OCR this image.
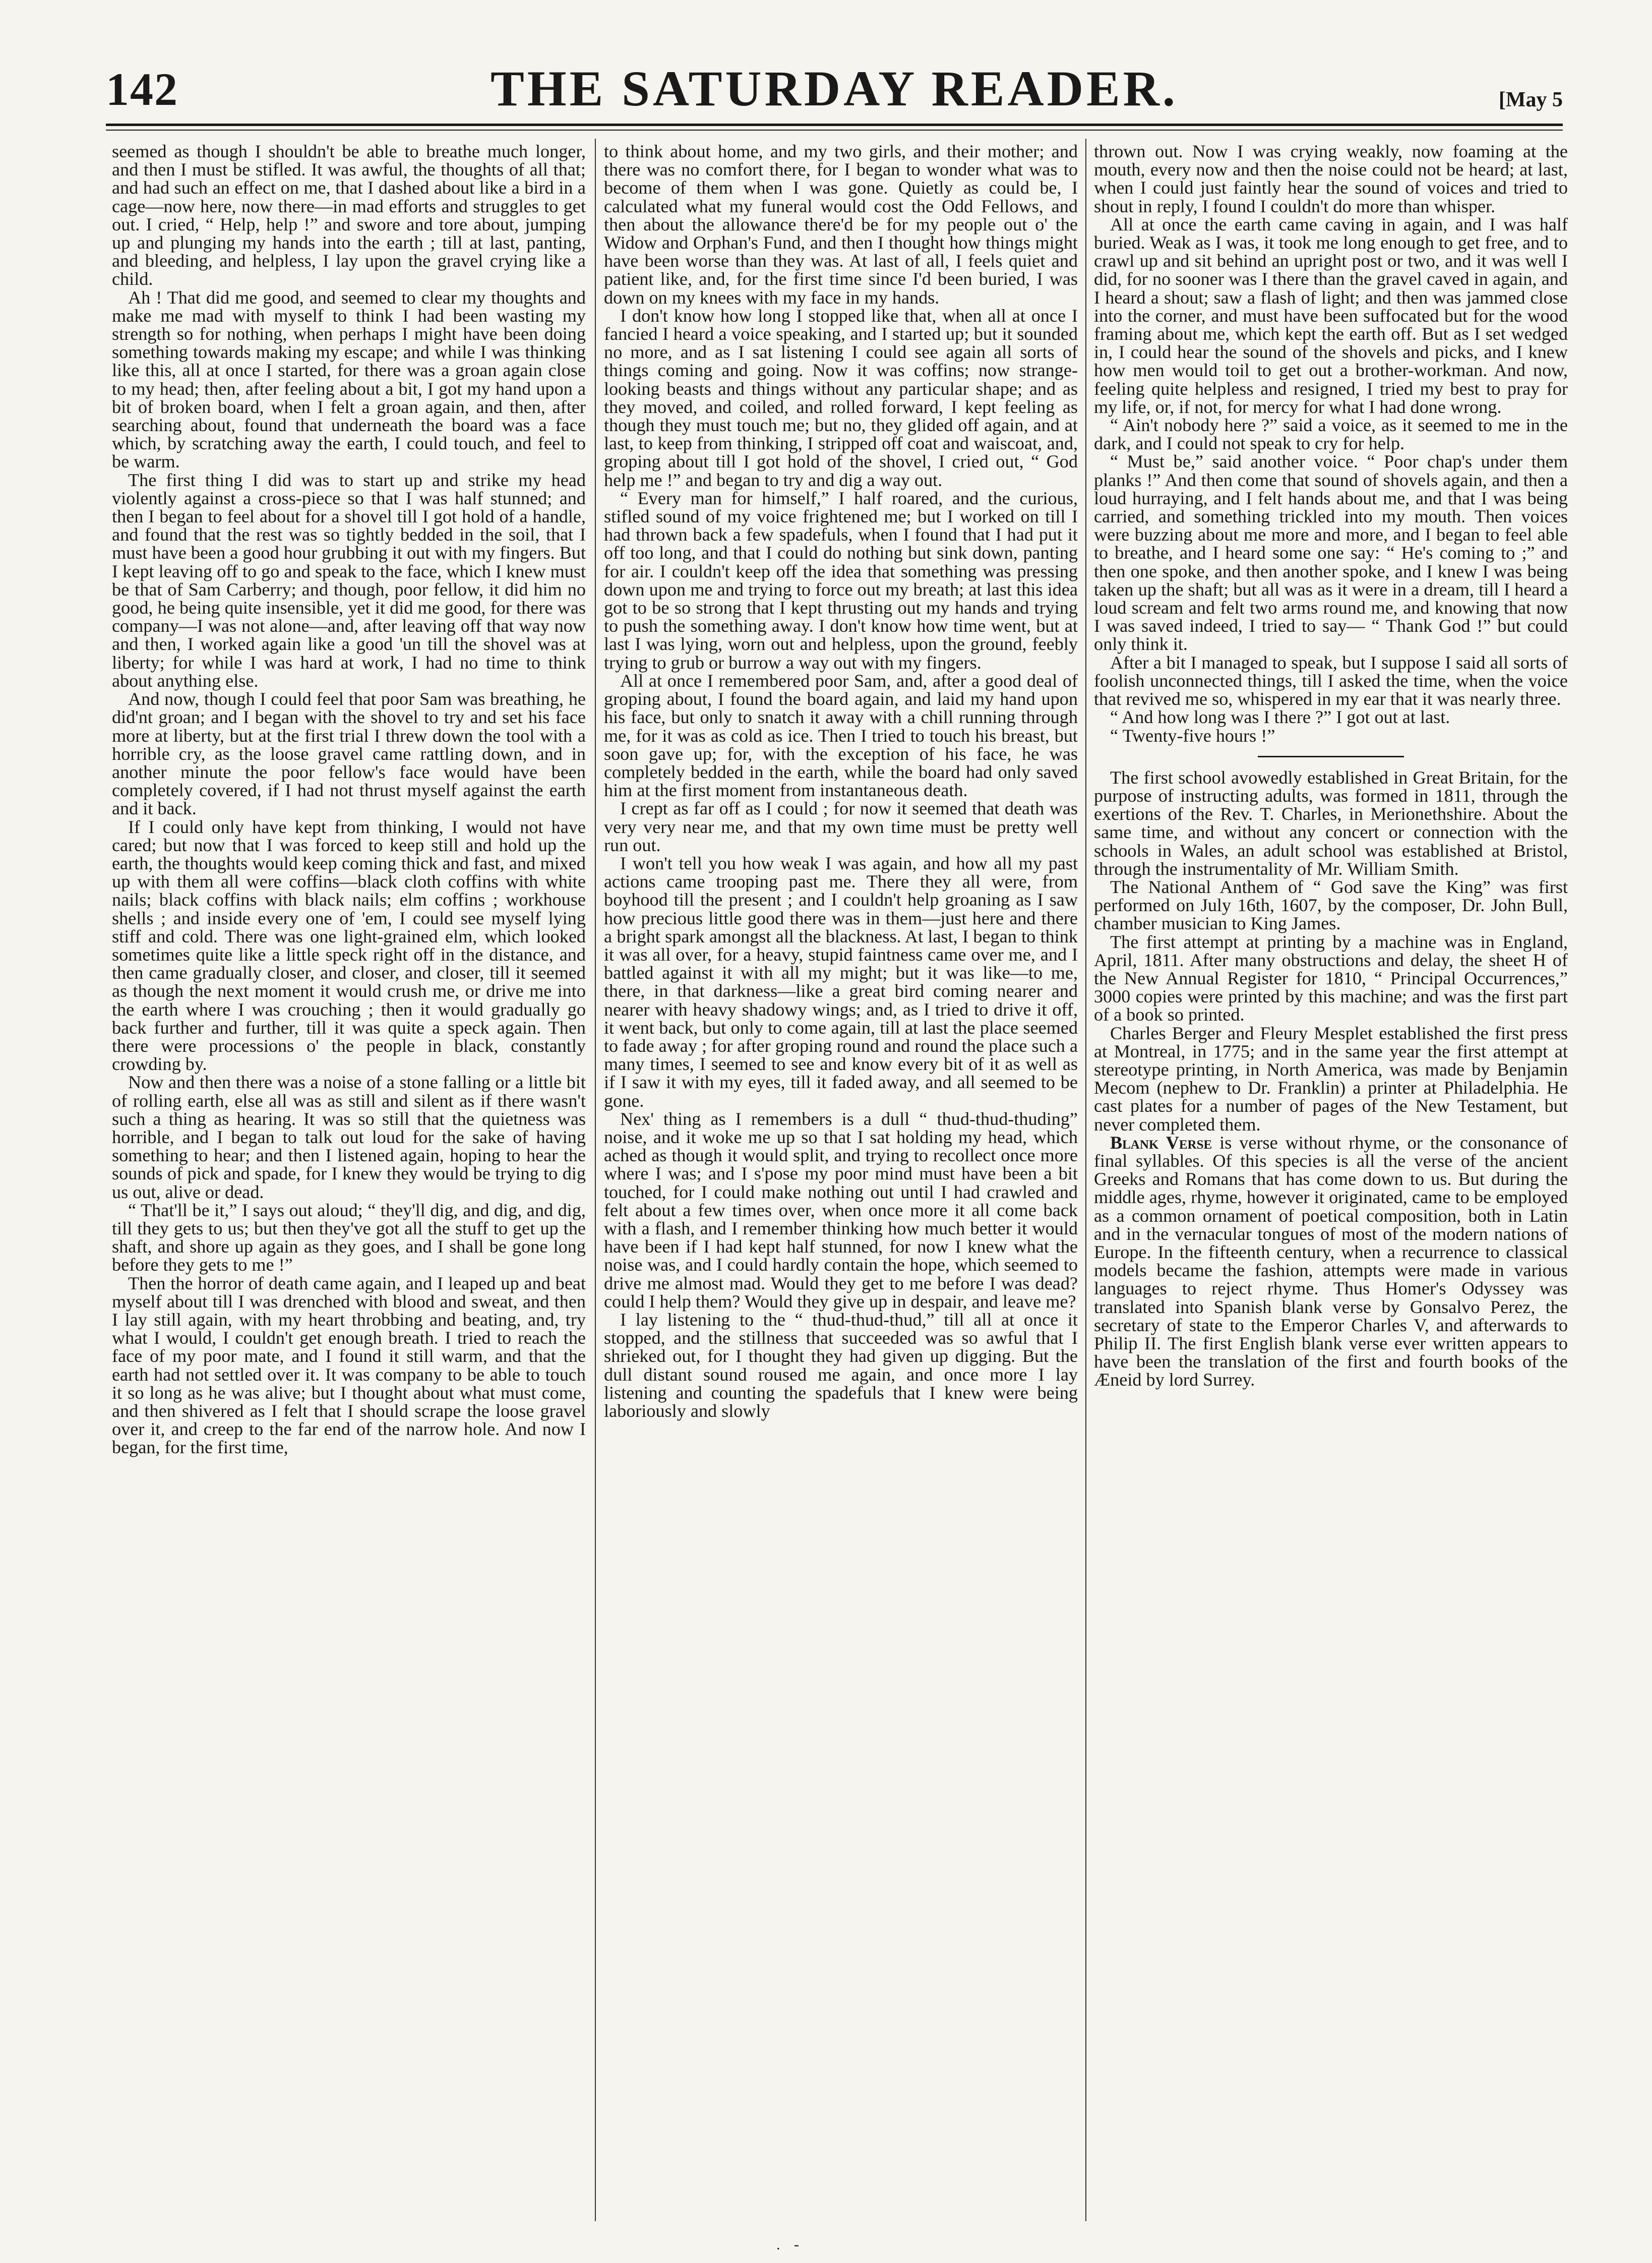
142	THE SATURDAY READER.	[May 5

seemed as though I shouldn't be able to breathe much longer, and then I must be stifled. It was awful, the thoughts of all that; and had such an effect on me, that I dashed about like a bird in a cage—now here, now there—in mad efforts and struggles to get out. I cried, “ Help, help !” and swore and tore about, jumping up and plunging my hands into the earth ; till at last, panting, and bleeding, and helpless, I lay upon the gravel crying like a child.

Ah ! That did me good, and seemed to clear my thoughts and make me mad with myself to think I had been wasting my strength so for nothing, when perhaps I might have been doing something towards making my escape; and while I was thinking like this, all at once I started, for there was a groan again close to my head; then, after feeling about a bit, I got my hand upon a bit of broken board, when I felt a groan again, and then, after searching about, found that underneath the board was a face which, by scratching away the earth, I could touch, and feel to be warm.

The first thing I did was to start up and strike my head violently against a cross-piece so that I was half stunned; and then I began to feel about for a shovel till I got hold of a handle, and found that the rest was so tightly bedded in the soil, that I must have been a good hour grubbing it out with my fingers. But I kept leaving off to go and speak to the face, which I knew must be that of Sam Carberry; and though, poor fellow, it did him no good, he being quite insensible, yet it did me good, for there was company—I was not alone—and, after leaving off that way now and then, I worked again like a good 'un till the shovel was at liberty; for while I was hard at work, I had no time to think about anything else.

And now, though I could feel that poor Sam was breathing, he did'nt groan; and I began with the shovel to try and set his face more at liberty, but at the first trial I threw down the tool with a horrible cry, as the loose gravel came rattling down, and in another minute the poor fellow's face would have been completely covered, if I had not thrust myself against the earth and it back.

If I could only have kept from thinking, I would not have cared; but now that I was forced to keep still and hold up the earth, the thoughts would keep coming thick and fast, and mixed up with them all were coffins—black cloth coffins with white nails; black coffins with black nails; elm coffins ; workhouse shells ; and inside every one of 'em, I could see myself lying stiff and cold. There was one light-grained elm, which looked sometimes quite like a little speck right off in the distance, and then came gradually closer, and closer, and closer, till it seemed as though the next moment it would crush me, or drive me into the earth where I was crouching ; then it would gradually go back further and further, till it was quite a speck again. Then there were processions o' the people in black, constantly crowding by.

Now and then there was a noise of a stone falling or a little bit of rolling earth, else all was as still and silent as if there wasn't such a thing as hearing. It was so still that the quietness was horrible, and I began to talk out loud for the sake of having something to hear; and then I listened again, hoping to hear the sounds of pick and spade, for I knew they would be trying to dig us out, alive or dead.

“ That'll be it,” I says out aloud; “ they'll dig, and dig, and dig, till they gets to us; but then they've got all the stuff to get up the shaft, and shore up again as they goes, and I shall be gone long before they gets to me !”

Then the horror of death came again, and I leaped up and beat myself about till I was drenched with blood and sweat, and then I lay still again, with my heart throbbing and beating, and, try what I would, I couldn't get enough breath. I tried to reach the face of my poor mate, and I found it still warm, and that the earth had not settled over it. It was company to be able to touch it so long as he was alive; but I thought about what must come, and then shivered as I felt that I should scrape the loose gravel over it, and creep to the far end of the narrow hole. And now I began, for the first time,

to think about home, and my two girls, and their mother; and there was no comfort there, for I began to wonder what was to become of them when I was gone. Quietly as could be, I calculated what my funeral would cost the Odd Fellows, and then about the allowance there'd be for my people out o' the Widow and Orphan's Fund, and then I thought how things might have been worse than they was. At last of all, I feels quiet and patient like, and, for the first time since I'd been buried, I was down on my knees with my face in my hands.

I don't know how long I stopped like that, when all at once I fancied I heard a voice speaking, and I started up; but it sounded no more, and as I sat listening I could see again all sorts of things coming and going. Now it was coffins; now strange-looking beasts and things without any particular shape; and as they moved, and coiled, and rolled forward, I kept feeling as though they must touch me; but no, they glided off again, and at last, to keep from thinking, I stripped off coat and waiscoat, and, groping about till I got hold of the shovel, I cried out, “ God help me !” and began to try and dig a way out.

“ Every man for himself,” I half roared, and the curious, stifled sound of my voice frightened me; but I worked on till I had thrown back a few spadefuls, when I found that I had put it off too long, and that I could do nothing but sink down, panting for air. I couldn't keep off the idea that something was pressing down upon me and trying to force out my breath; at last this idea got to be so strong that I kept thrusting out my hands and trying to push the something away. I don't know how time went, but at last I was lying, worn out and helpless, upon the ground, feebly trying to grub or burrow a way out with my fingers.

All at once I remembered poor Sam, and, after a good deal of groping about, I found the board again, and laid my hand upon his face, but only to snatch it away with a chill running through me, for it was as cold as ice. Then I tried to touch his breast, but soon gave up; for, with the exception of his face, he was completely bedded in the earth, while the board had only saved him at the first moment from instantaneous death.

I crept as far off as I could ; for now it seemed that death was very very near me, and that my own time must be pretty well run out.

I won't tell you how weak I was again, and how all my past actions came trooping past me. There they all were, from boyhood till the present ; and I couldn't help groaning as I saw how precious little good there was in them—just here and there a bright spark amongst all the blackness. At last, I began to think it was all over, for a heavy, stupid faintness came over me, and I battled against it with all my might; but it was like—to me, there, in that darkness—like a great bird coming nearer and nearer with heavy shadowy wings; and, as I tried to drive it off, it went back, but only to come again, till at last the place seemed to fade away ; for after groping round and round the place such a many times, I seemed to see and know every bit of it as well as if I saw it with my eyes, till it faded away, and all seemed to be gone.

Nex' thing as I remembers is a dull “ thud-thud-thuding” noise, and it woke me up so that I sat holding my head, which ached as though it would split, and trying to recollect once more where I was; and I s'pose my poor mind must have been a bit touched, for I could make nothing out until I had crawled and felt about a few times over, when once more it all come back with a flash, and I remember thinking how much better it would have been if I had kept half stunned, for now I knew what the noise was, and I could hardly contain the hope, which seemed to drive me almost mad. Would they get to me before I was dead? could I help them? Would they give up in despair, and leave me?

I lay listening to the “ thud-thud-thud,” till all at once it stopped, and the stillness that succeeded was so awful that I shrieked out, for I thought they had given up digging. But the dull distant sound roused me again, and once more I lay listening and counting the spadefuls that I knew were being laboriously and slowly

thrown out. Now I was crying weakly, now foaming at the mouth, every now and then the noise could not be heard; at last, when I could just faintly hear the sound of voices and tried to shout in reply, I found I couldn't do more than whisper.

All at once the earth came caving in again, and I was half buried. Weak as I was, it took me long enough to get free, and to crawl up and sit behind an upright post or two, and it was well I did, for no sooner was I there than the gravel caved in again, and I heard a shout; saw a flash of light; and then was jammed close into the corner, and must have been suffocated but for the wood framing about me, which kept the earth off. But as I set wedged in, I could hear the sound of the shovels and picks, and I knew how men would toil to get out a brother-workman. And now, feeling quite helpless and resigned, I tried my best to pray for my life, or, if not, for mercy for what I had done wrong.

“ Ain't nobody here ?” said a voice, as it seemed to me in the dark, and I could not speak to cry for help.

“ Must be,” said another voice. “ Poor chap's under them planks !” And then come that sound of shovels again, and then a loud hurraying, and I felt hands about me, and that I was being carried, and something trickled into my mouth. Then voices were buzzing about me more and more, and I began to feel able to breathe, and I heard some one say: “ He's coming to ;” and then one spoke, and then another spoke, and I knew I was being taken up the shaft; but all was as it were in a dream, till I heard a loud scream and felt two arms round me, and knowing that now I was saved indeed, I tried to say— “ Thank God !” but could only think it.

After a bit I managed to speak, but I suppose I said all sorts of foolish unconnected things, till I asked the time, when the voice that revived me so, whispered in my ear that it was nearly three.

“ And how long was I there ?” I got out at last.

“ Twenty-five hours !”

The first school avowedly established in Great Britain, for the purpose of instructing adults, was formed in 1811, through the exertions of the Rev. T. Charles, in Merionethshire. About the same time, and without any concert or connection with the schools in Wales, an adult school was established at Bristol, through the instrumentality of Mr. William Smith.

The National Anthem of “ God save the King” was first performed on July 16th, 1607, by the composer, Dr. John Bull, chamber musician to King James.

The first attempt at printing by a machine was in England, April, 1811. After many obstructions and delay, the sheet H of the New Annual Register for 1810, “ Principal Occurrences,” 3000 copies were printed by this machine; and was the first part of a book so printed.

Charles Berger and Fleury Mesplet established the first press at Montreal, in 1775; and in the same year the first attempt at stereotype printing, in North America, was made by Benjamin Mecom (nephew to Dr. Franklin) a printer at Philadelphia. He cast plates for a number of pages of the New Testament, but never completed them.

Blank Verse is verse without rhyme, or the consonance of final syllables. Of this species is all the verse of the ancient Greeks and Romans that has come down to us. But during the middle ages, rhyme, however it originated, came to be employed as a common ornament of poetical composition, both in Latin and in the vernacular tongues of most of the modern nations of Europe. In the fifteenth century, when a recurrence to classical models became the fashion, attempts were made in various languages to reject rhyme. Thus Homer's Odyssey was translated into Spanish blank verse by Gonsalvo Perez, the secretary of state to the Emperor Charles V, and afterwards to Philip II. The first English blank verse ever written appears to have been the translation of the first and fourth books of the Æneid by lord Surrey.

. -
